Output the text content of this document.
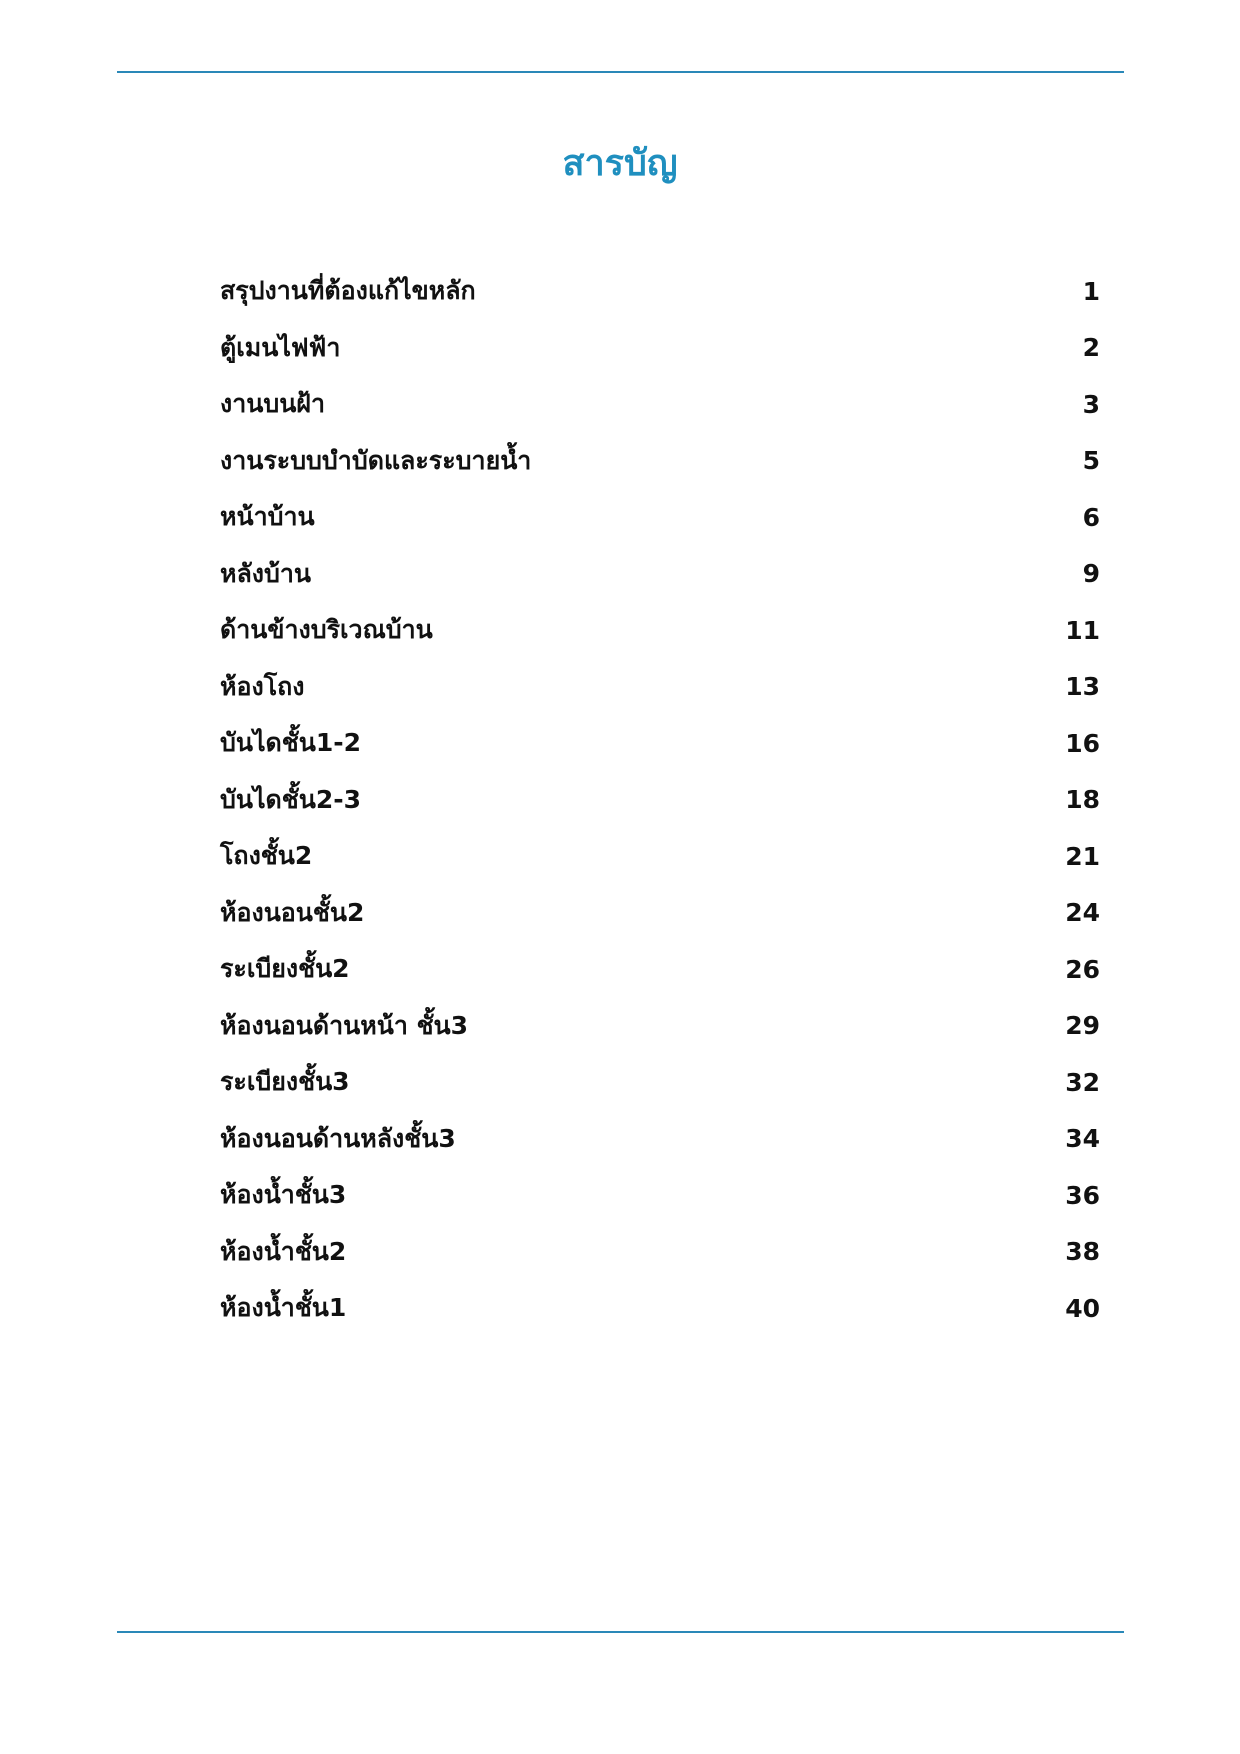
สารบัญ
สรุปงานที่ต้องแก้ไขหลัก	1
ตู้เมนไฟฟ้า	2
งานบนฝ้า	3
งานระบบบำบัดและระบายน้ำ	5
หน้าบ้าน	6
หลังบ้าน	9
ด้านข้างบริเวณบ้าน	11
ห้องโถง	13
บันไดชั้น1-2	16
บันไดชั้น2-3	18
โถงชั้น2	21
ห้องนอนชั้น2	24
ระเบียงชั้น2	26
ห้องนอนด้านหน้า ชั้น3	29
ระเบียงชั้น3	32
ห้องนอนด้านหลังชั้น3	34
ห้องน้ำชั้น3	36
ห้องน้ำชั้น2	38
ห้องน้ำชั้น1	40
